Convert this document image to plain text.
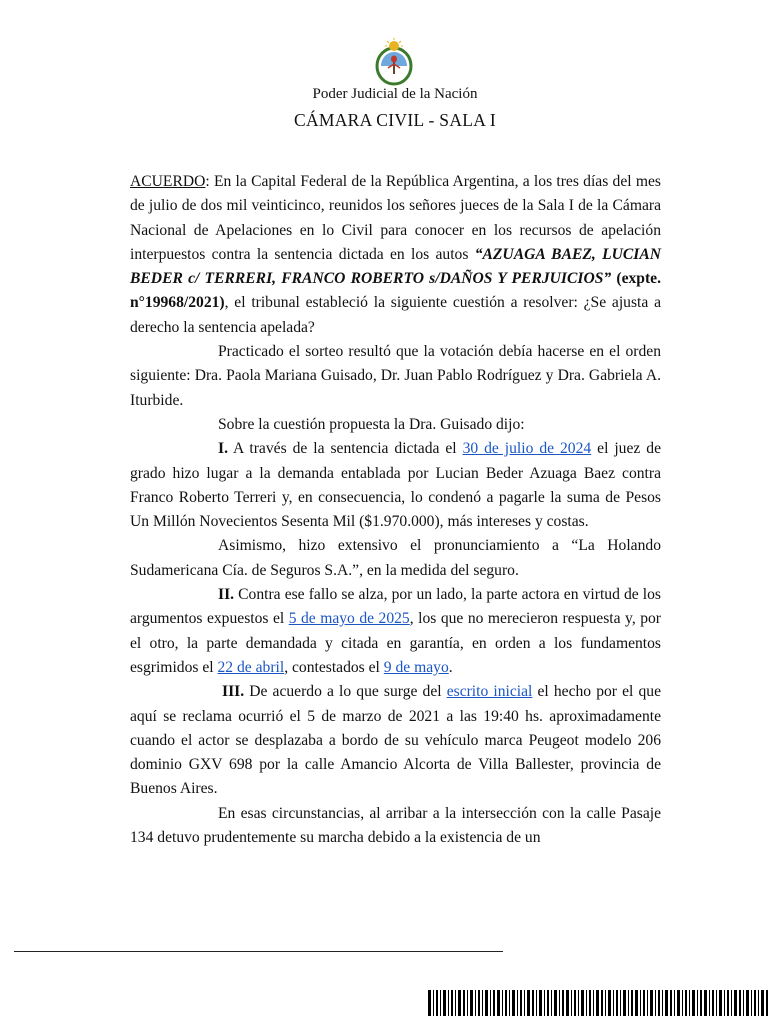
Poder Judicial de la Nación
CÁMARA CIVIL - SALA I

ACUERDO: En la Capital Federal de la República Argentina, a los tres días del mes de julio de dos mil veinticinco, reunidos los señores jueces de la Sala I de la Cámara Nacional de Apelaciones en lo Civil para conocer en los recursos de apelación interpuestos contra la sentencia dictada en los autos “AZUAGA BAEZ, LUCIAN BEDER c/ TERRERI, FRANCO ROBERTO s/DAÑOS Y PERJUICIOS” (expte. n°19968/2021), el tribunal estableció la siguiente cuestión a resolver: ¿Se ajusta a derecho la sentencia apelada?

Practicado el sorteo resultó que la votación debía hacerse en el orden siguiente: Dra. Paola Mariana Guisado, Dr. Juan Pablo Rodríguez y Dra. Gabriela A. Iturbide.

Sobre la cuestión propuesta la Dra. Guisado dijo:

I. A través de la sentencia dictada el 30 de julio de 2024 el juez de grado hizo lugar a la demanda entablada por Lucian Beder Azuaga Baez contra Franco Roberto Terreri y, en consecuencia, lo condenó a pagarle la suma de Pesos Un Millón Novecientos Sesenta Mil ($1.970.000), más intereses y costas.

Asimismo, hizo extensivo el pronunciamiento a “La Holando Sudamericana Cía. de Seguros S.A.”, en la medida del seguro.

II. Contra ese fallo se alza, por un lado, la parte actora en virtud de los argumentos expuestos el 5 de mayo de 2025, los que no merecieron respuesta y, por el otro, la parte demandada y citada en garantía, en orden a los fundamentos esgrimidos el 22 de abril, contestados el 9 de mayo.

III. De acuerdo a lo que surge del escrito inicial el hecho por el que aquí se reclama ocurrió el 5 de marzo de 2021 a las 19:40 hs. aproximadamente cuando el actor se desplazaba a bordo de su vehículo marca Peugeot modelo 206 dominio GXV 698 por la calle Amancio Alcorta de Villa Ballester, provincia de Buenos Aires.

En esas circunstancias, al arribar a la intersección con la calle Pasaje 134 detuvo prudentemente su marcha debido a la existencia de un
